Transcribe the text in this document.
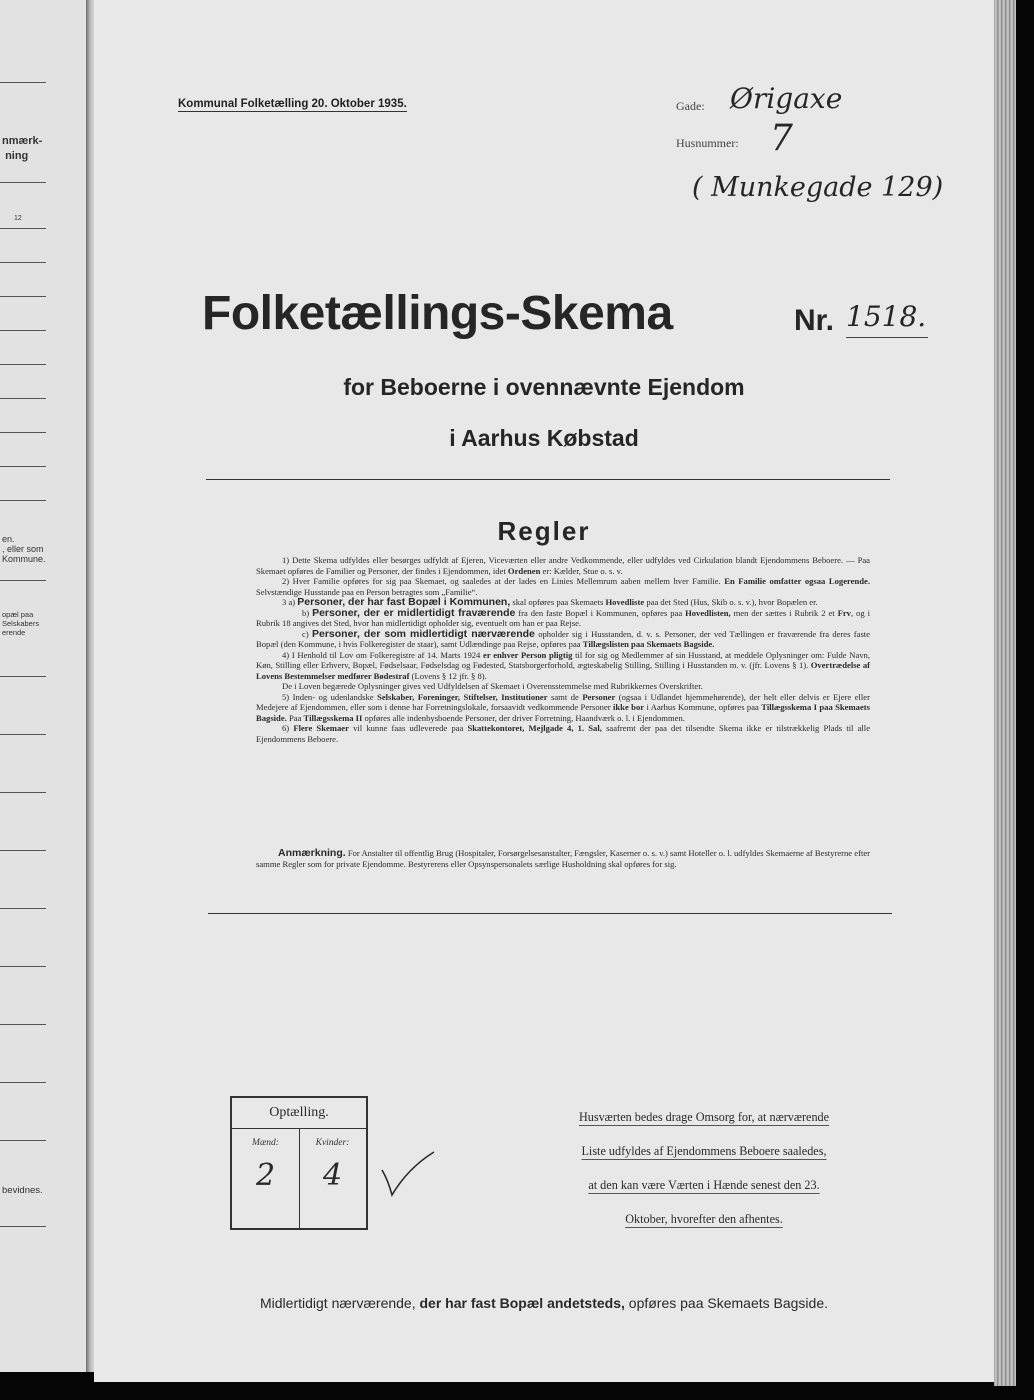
nmærk-
ning
12
en.
, eller som
Kommune.
opæl paa
Selskabers
erende
bevidnes.
Kommunal Folketælling 20. Oktober 1935.	Gade: Ørigaxe
Husnummer: 7
( Munkegade 129)
Folketællings-Skema	Nr. 1518.
for Beboerne i ovennævnte Ejendom
i Aarhus Købstad
Regler

1) Dette Skema udfyldes eller besørges udfyldt af Ejeren, Viceværten eller andre Vedkommende, eller udfyldes ved Cirkulation blandt Ejendommens Beboere. — Paa Skemaet opføres de Familier og Personer, der findes i Ejendommen, idet Ordenen er: Kælder, Stue o. s. v.

2) Hver Familie opføres for sig paa Skemaet, og saaledes at der lades en Linies Mellemrum aaben mellem hver Familie. En Familie omfatter ogsaa Logerende. Selvstændige Husstande paa en Person betragtes som „Familie“.

3 a) Personer, der har fast Bopæl i Kommunen, skal opføres paa Skemaets Hovedliste paa det Sted (Hus, Skib o. s. v.), hvor Bopælen er.

b) Personer, der er midlertidigt fraværende fra den faste Bopæl i Kommunen, opføres paa Hovedlisten, men der sættes i Rubrik 2 et Frv, og i Rubrik 18 angives det Sted, hvor han midlertidigt opholder sig, eventuelt om han er paa Rejse.

c) Personer, der som midlertidigt nærværende opholder sig i Husstanden, d. v. s. Personer, der ved Tællingen er fraværende fra deres faste Bopæl (den Kommune, i hvis Folkeregister de staar), samt Udlændinge paa Rejse, opføres paa Tillægslisten paa Skemaets Bagside.

4) I Henhold til Lov om Folkeregistre af 14. Marts 1924 er enhver Person pligtig til for sig og Medlemmer af sin Husstand, at meddele Oplysninger om: Fulde Navn, Køn, Stilling eller Erhverv, Bopæl, Fødselsaar, Fødselsdag og Fødested, Statsborgerforhold, ægteskabelig Stilling, Stilling i Husstanden m. v. (jfr. Lovens § 1). Overtrædelse af Lovens Bestemmelser medfører Bødestraf (Lovens § 12 jfr. § 8).

De i Loven begærede Oplysninger gives ved Udfyldelsen af Skemaet i Overensstemmelse med Rubrikkernes Overskrifter.

5) Inden- og udenlandske Selskaber, Foreninger, Stiftelser, Institutioner samt de Personer (ogsaa i Udlandet hjemmehørende), der helt eller delvis er Ejere eller Medejere af Ejendommen, eller som i denne har Forretningslokale, forsaavidt vedkommende Personer ikke bor i Aarhus Kommune, opføres paa Tillægsskema I paa Skemaets Bagside. Paa Tillægsskema II opføres alle indenbysboende Personer, der driver Forretning, Haandværk o. l. i Ejendommen.

6) Flere Skemaer vil kunne faas udleverede paa Skattekontoret, Mejlgade 4, 1. Sal, saafremt der paa det tilsendte Skema ikke er tilstrækkelig Plads til alle Ejendommens Beboere.

Anmærkning. For Anstalter til offentlig Brug (Hospitaler, Forsørgelsesanstalter, Fængsler, Kaserner o. s. v.) samt Hoteller o. l. udfyldes Skemaerne af Bestyrerne efter samme Regler som for private Ejendomme. Bestyrerens eller Opsynspersonalets særlige Husholdning skal opføres for sig.
Optælling.
Mænd:	Kvinder:
2	4
Husværten bedes drage Omsorg for, at nærværende
Liste udfyldes af Ejendommens Beboere saaledes,
at den kan være Værten i Hænde senest den 23.
Oktober, hvorefter den afhentes.
Midlertidigt nærværende, der har fast Bopæl andetsteds, opføres paa Skemaets Bagside.
